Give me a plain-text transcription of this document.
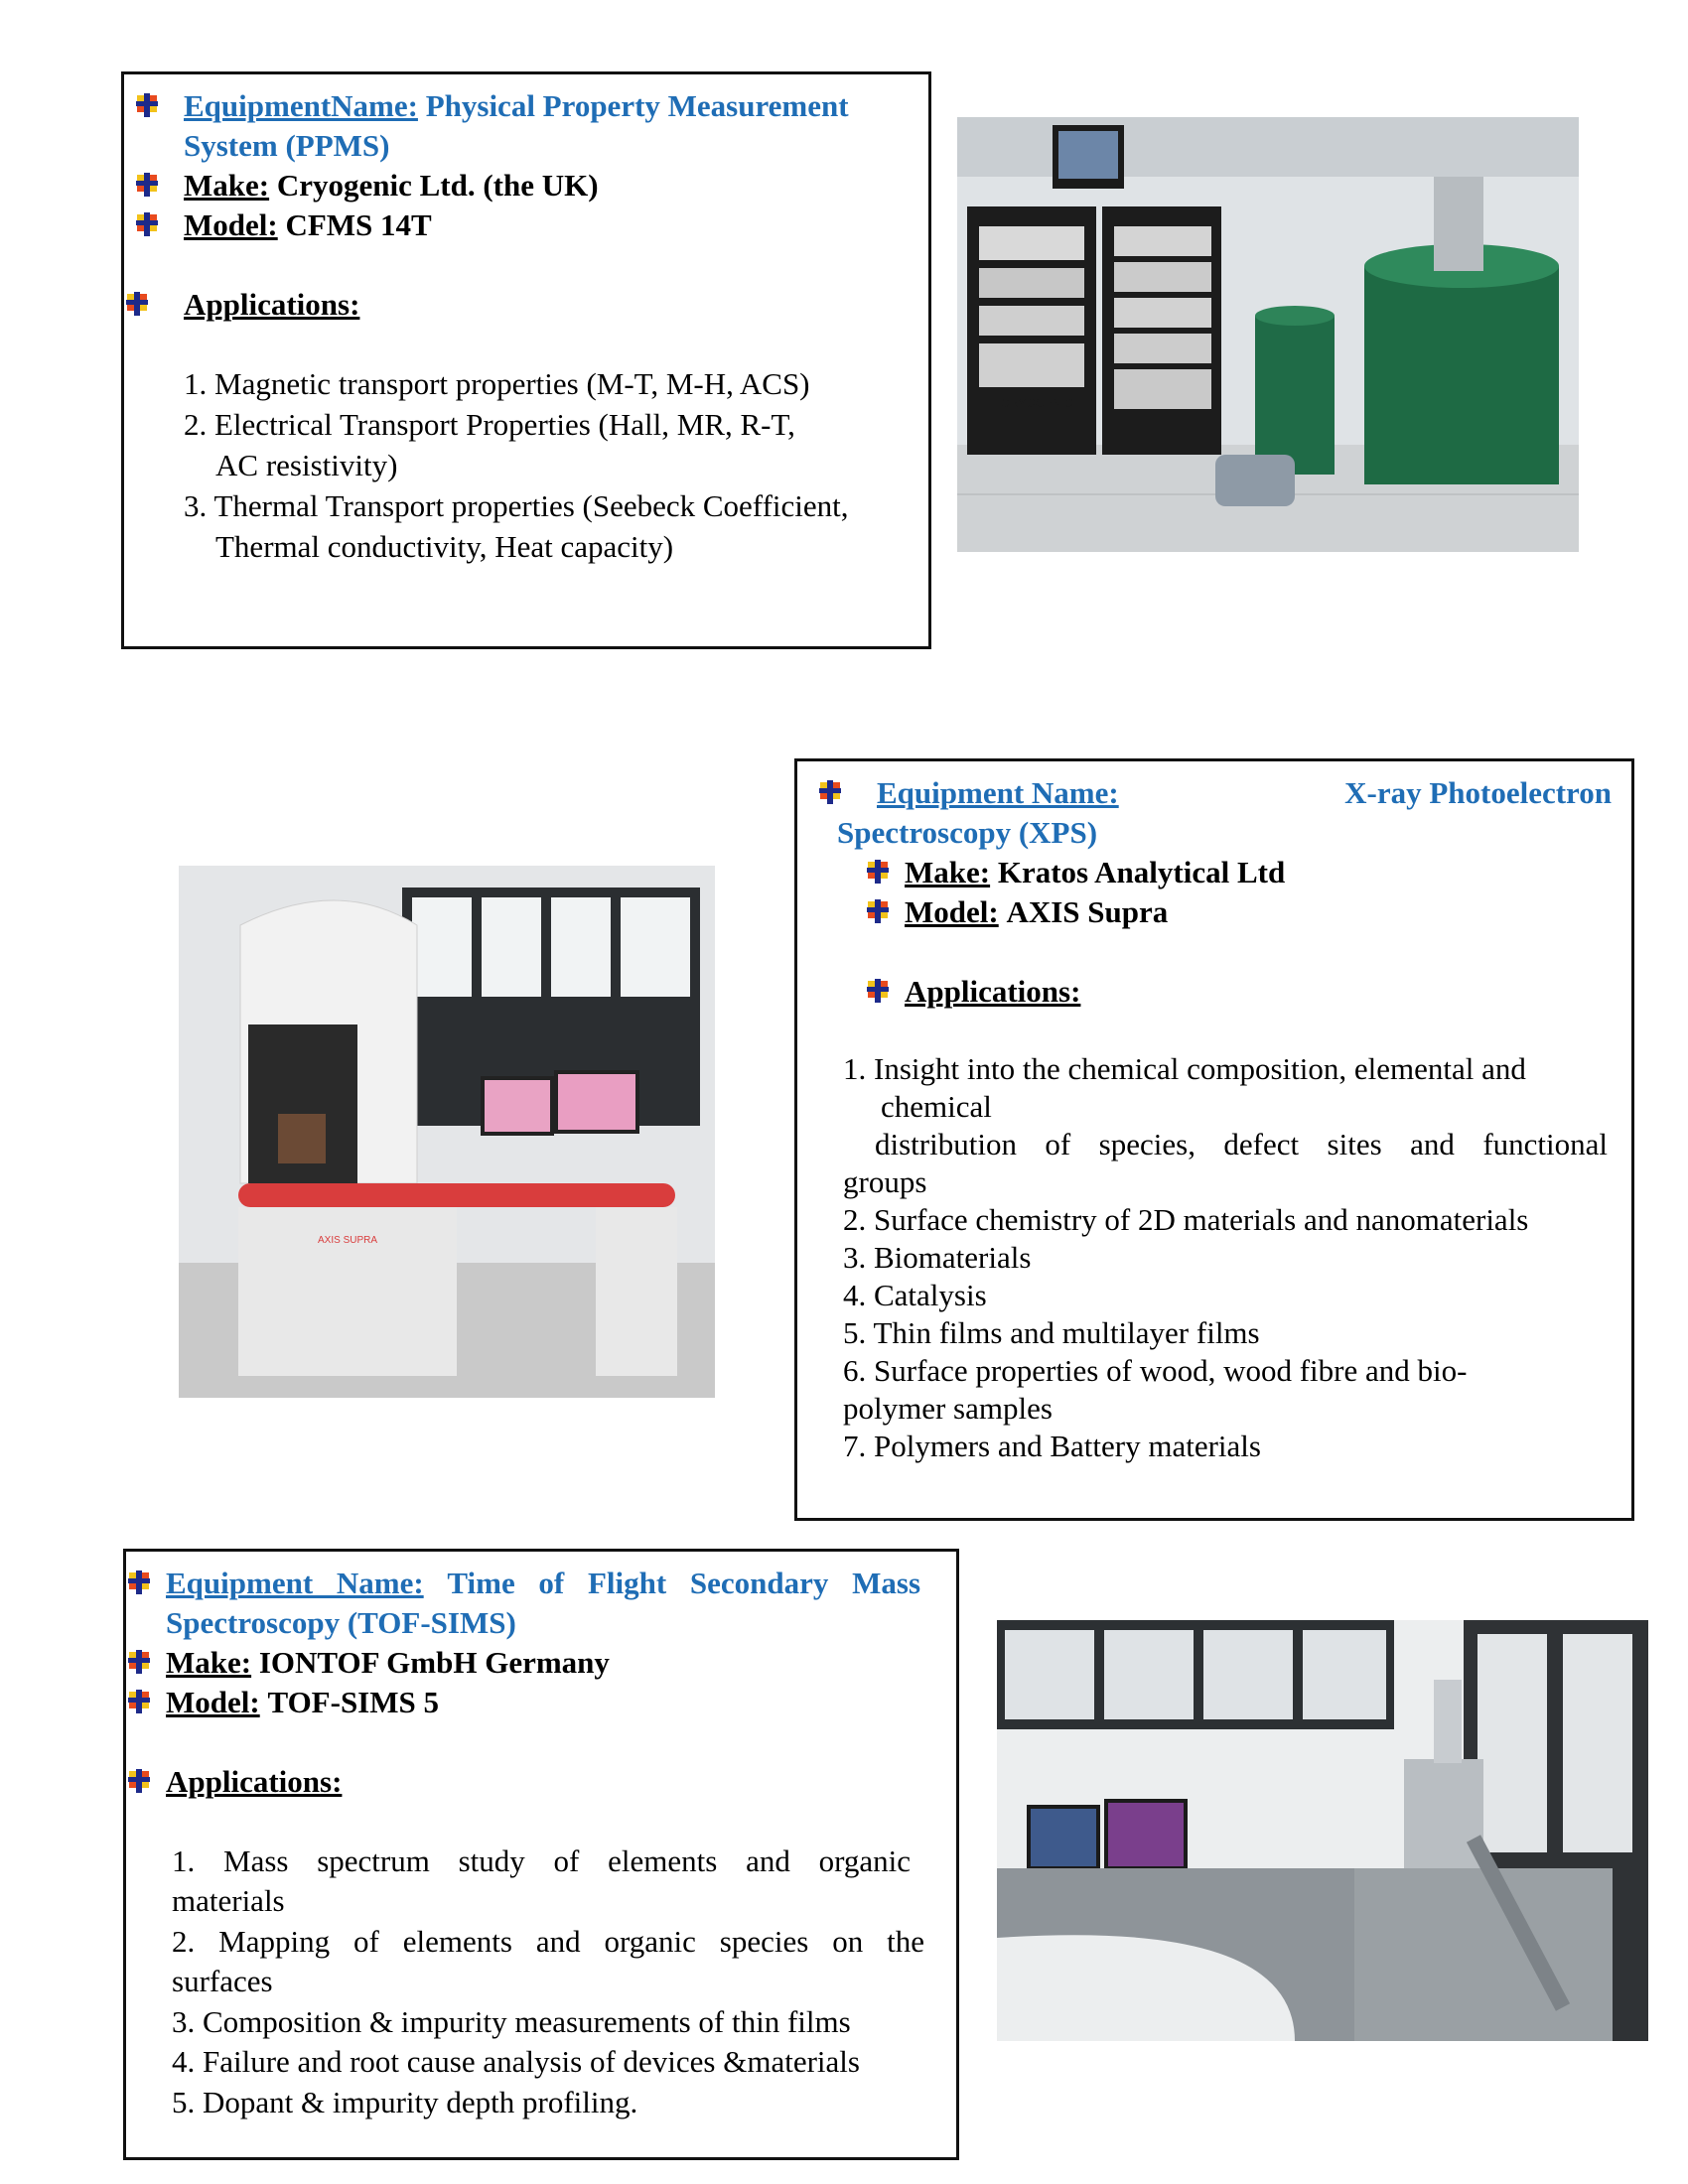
EquipmentName: Physical Property Measurement
System (PPMS)
Make: Cryogenic Ltd. (the UK)
Model: CFMS 14T
Applications:
1. Magnetic transport properties (M-T, M-H, ACS)
2. Electrical Transport Properties (Hall, MR, R-T,
AC resistivity)
3. Thermal Transport properties (Seebeck Coefficient,
Thermal conductivity, Heat capacity)
CRYOGENIC
Equipment Name:	X-ray Photoelectron
Spectroscopy (XPS)
Make: Kratos Analytical Ltd
Model: AXIS Supra
Applications:
1. Insight into the chemical composition, elemental and
chemical
distribution of species, defect sites and functional
groups
2. Surface chemistry of 2D materials and nanomaterials
3. Biomaterials
4. Catalysis
5. Thin films and multilayer films
6. Surface properties of wood, wood fibre and bio-
polymer samples
7. Polymers and Battery materials
AXIS SUPRA
Equipment Name: Time of Flight Secondary Mass
Spectroscopy (TOF-SIMS)
Make: IONTOF GmbH Germany
Model: TOF-SIMS 5
Applications:
1. Mass spectrum study of elements and organic
materials
2. Mapping of elements and organic species on the
surfaces
3. Composition & impurity measurements of thin films
4. Failure and root cause analysis of devices &materials
5. Dopant & impurity depth profiling.
